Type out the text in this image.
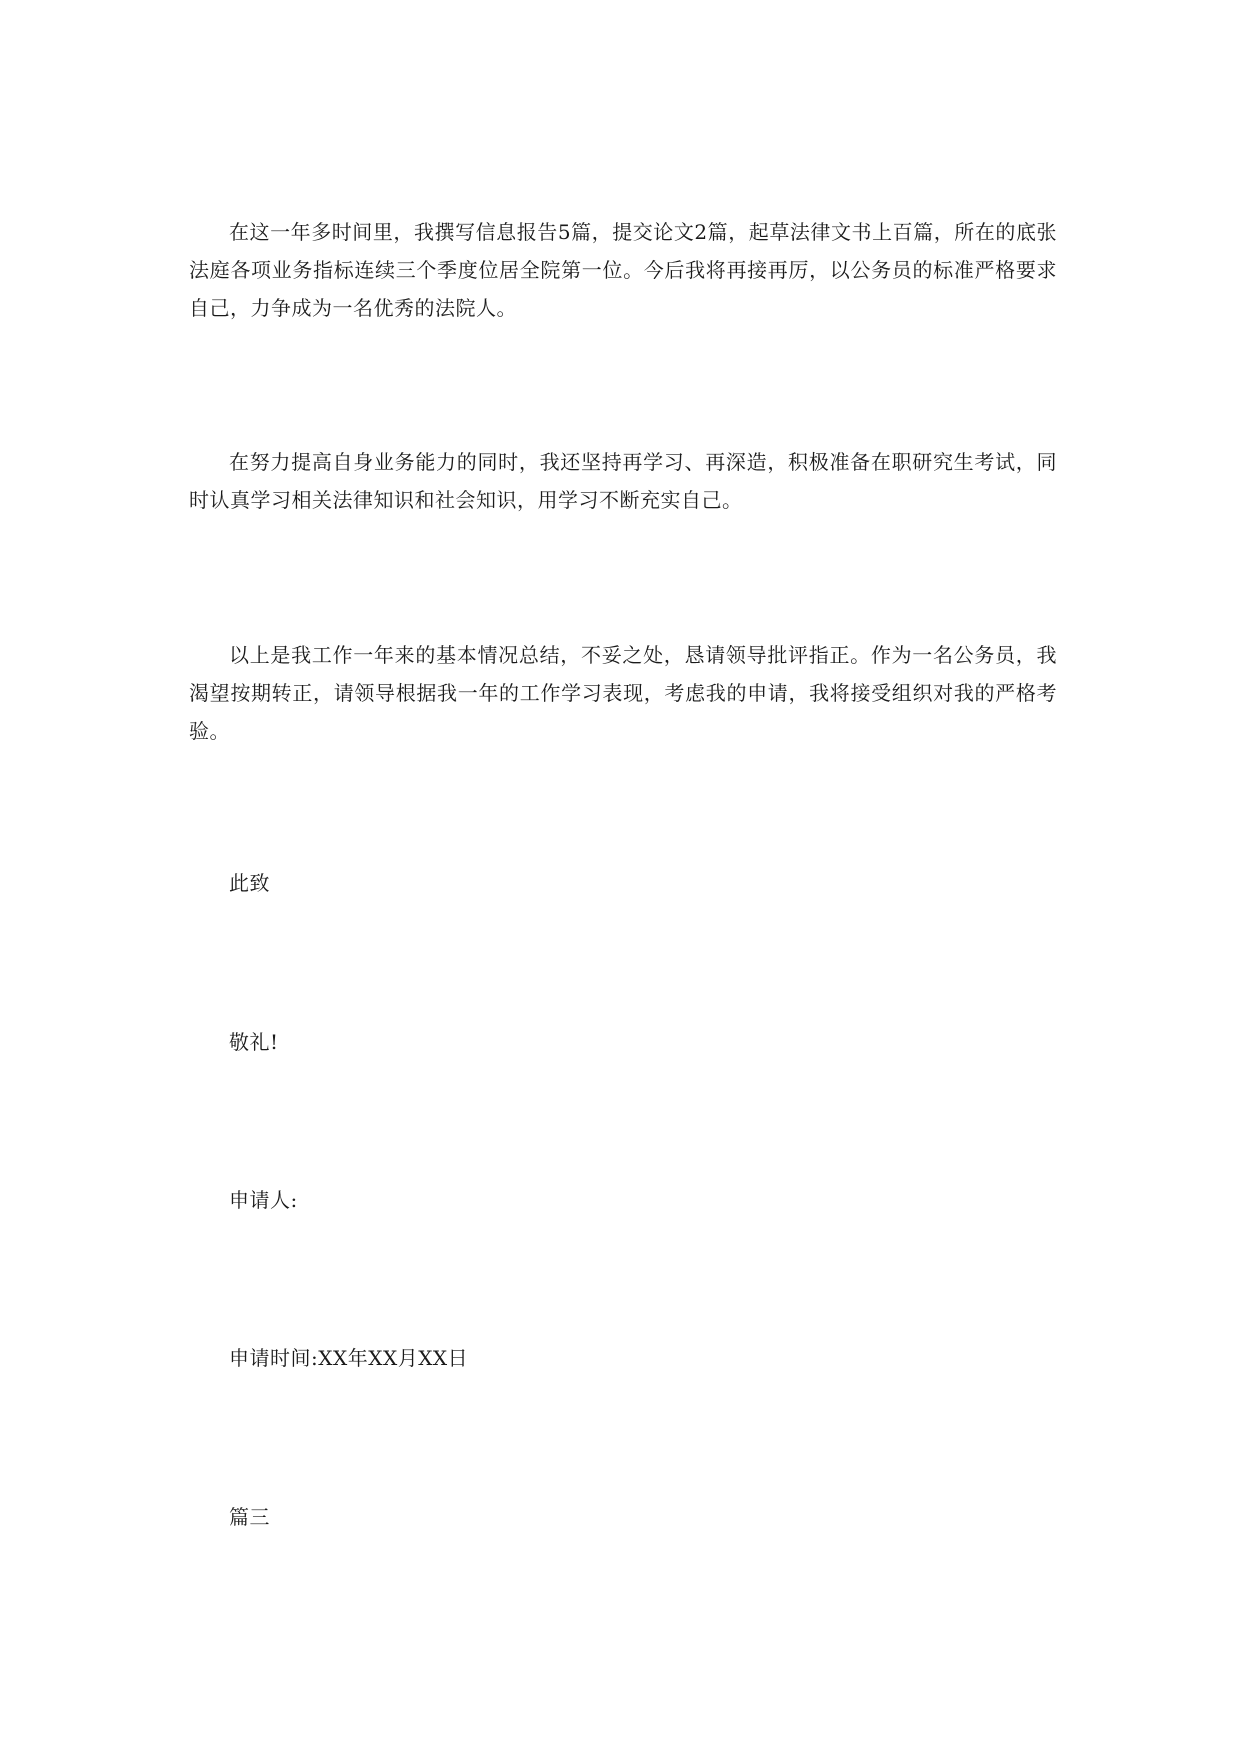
在这一年多时间里，我撰写信息报告5篇，提交论文2篇，起草法律文书上百篇，所在的底张法庭各项业务指标连续三个季度位居全院第一位。今后我将再接再厉，以公务员的标准严格要求自己，力争成为一名优秀的法院人。

在努力提高自身业务能力的同时，我还坚持再学习、再深造，积极准备在职研究生考试，同时认真学习相关法律知识和社会知识，用学习不断充实自己。

以上是我工作一年来的基本情况总结，不妥之处，恳请领导批评指正。作为一名公务员，我渴望按期转正，请领导根据我一年的工作学习表现，考虑我的申请，我将接受组织对我的严格考验。

此致

敬礼!

申请人:

申请时间:XX年XX月XX日

篇三
